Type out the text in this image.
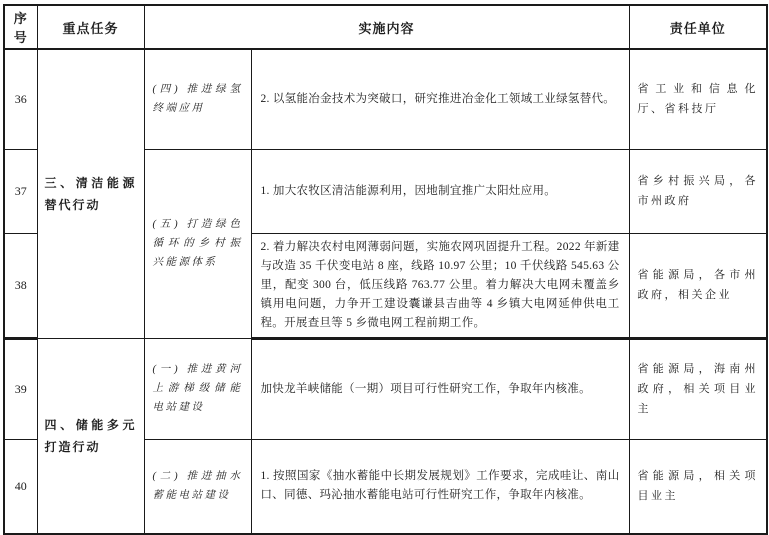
序号	重点任务	实施内容		责任单位
36	三、清洁能源替代行动	(四) 推进绿氢终端应用	2. 以氢能冶金技术为突破口，研究推进冶金化工领域工业绿氢替代。	省工业和信息化厅、省科技厅
37		(五) 打造绿色循环的乡村振兴能源体系	1. 加大农牧区清洁能源利用，因地制宜推广太阳灶应用。	省乡村振兴局，各市州政府
38			2. 着力解决农村电网薄弱问题，实施农网巩固提升工程。2022 年新建与改造 35 千伏变电站 8 座，线路 10.97 公里；10 千伏线路 545.63 公里，配变 300 台，低压线路 763.77 公里。着力解决大电网未覆盖乡镇用电问题，力争开工建设囊谦县吉曲等 4 乡镇大电网延伸供电工程。开展查旦等 5 乡微电网工程前期工作。	省能源局，各市州政府，相关企业
39	四、储能多元打造行动	(一) 推进黄河上游梯级储能电站建设	加快龙羊峡储能（一期）项目可行性研究工作，争取年内核准。	省能源局，海南州政府，相关项目业主
40		(二) 推进抽水蓄能电站建设	1. 按照国家《抽水蓄能中长期发展规划》工作要求，完成哇让、南山口、同德、玛沁抽水蓄能电站可行性研究工作，争取年内核准。	省能源局，相关项目业主
